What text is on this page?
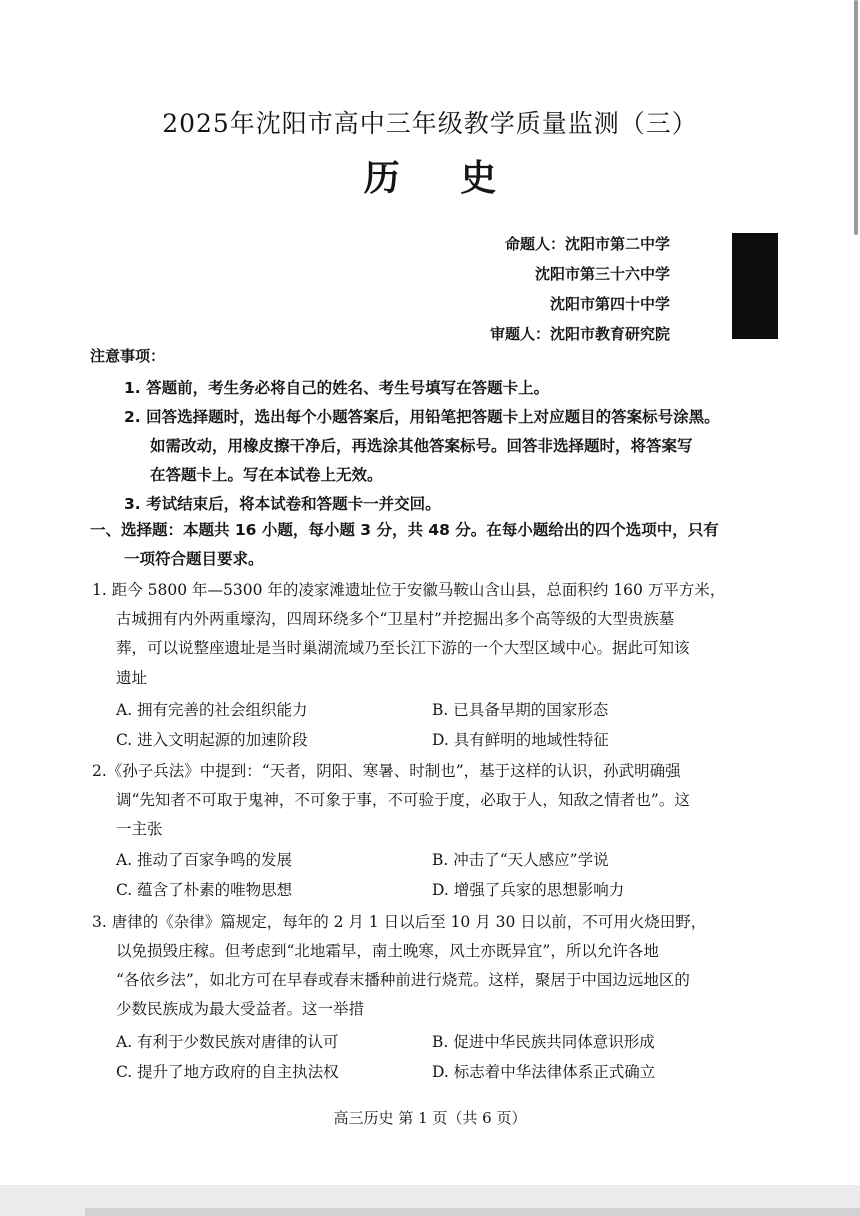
2025年沈阳市高中三年级教学质量监测（三）
历 史
命题人：沈阳市第二中学
沈阳市第三十六中学
沈阳市第四十中学
审题人：沈阳市教育研究院
注意事项：
1. 答题前，考生务必将自己的姓名、考生号填写在答题卡上。
2. 回答选择题时，选出每个小题答案后，用铅笔把答题卡上对应题目的答案标号涂黑。
如需改动，用橡皮擦干净后，再选涂其他答案标号。回答非选择题时，将答案写
在答题卡上。写在本试卷上无效。
3. 考试结束后，将本试卷和答题卡一并交回。
一、选择题：本题共 16 小题，每小题 3 分，共 48 分。在每小题给出的四个选项中，只有
一项符合题目要求。
1. 距今 5800 年—5300 年的凌家滩遗址位于安徽马鞍山含山县，总面积约 160 万平方米，
古城拥有内外两重壕沟，四周环绕多个“卫星村”并挖掘出多个高等级的大型贵族墓
葬，可以说整座遗址是当时巢湖流域乃至长江下游的一个大型区域中心。据此可知该
遗址
A. 拥有完善的社会组织能力	B. 已具备早期的国家形态
C. 进入文明起源的加速阶段	D. 具有鲜明的地域性特征
2.《孙子兵法》中提到：“天者，阴阳、寒暑、时制也”，基于这样的认识，孙武明确强
调“先知者不可取于鬼神，不可象于事，不可验于度，必取于人，知敌之情者也”。这
一主张
A. 推动了百家争鸣的发展	B. 冲击了“天人感应”学说
C. 蕴含了朴素的唯物思想	D. 增强了兵家的思想影响力
3. 唐律的《杂律》篇规定，每年的 2 月 1 日以后至 10 月 30 日以前，不可用火烧田野，
以免损毁庄稼。但考虑到“北地霜早，南土晚寒，风土亦既异宜”，所以允许各地
“各依乡法”，如北方可在早春或春末播种前进行烧荒。这样，聚居于中国边远地区的
少数民族成为最大受益者。这一举措
A. 有利于少数民族对唐律的认可	B. 促进中华民族共同体意识形成
C. 提升了地方政府的自主执法权	D. 标志着中华法律体系正式确立
高三历史 第 1 页（共 6 页）
